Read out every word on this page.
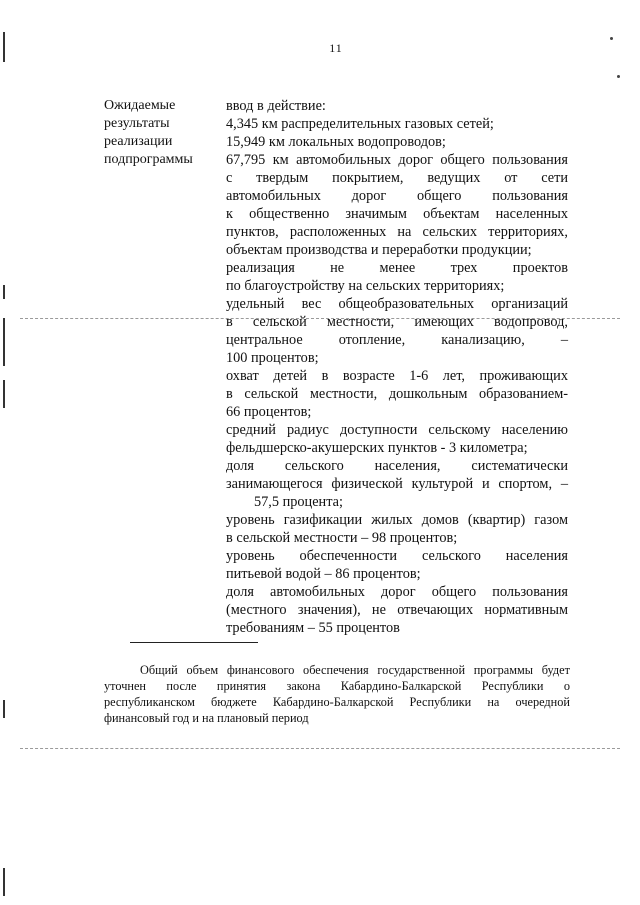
11
Ожидаемые
результаты
реализации
подпрограммы
ввод в действие:
4,345 км распределительных газовых сетей;
15,949 км локальных водопроводов;
67,795 км автомобильных дорог общего пользования
с твердым покрытием, ведущих от сети
автомобильных дорог общего пользования
к общественно значимым объектам населенных
пунктов, расположенных на сельских территориях,
объектам производства и переработки продукции;
реализация не менее трех проектов
по благоустройству на сельских территориях;
удельный вес общеобразовательных организаций
в сельской местности, имеющих водопровод,
центральное отопление, канализацию, –
100 процентов;
охват детей в возрасте 1-6 лет, проживающих
в сельской местности, дошкольным образованием-
66 процентов;
средний радиус доступности сельскому населению
фельдшерско-акушерских пунктов - 3 километра;
доля сельского населения, систематически
занимающегося физической культурой и спортом, –
57,5 процента;
уровень газификации жилых домов (квартир) газом
в сельской местности – 98 процентов;
уровень обеспеченности сельского населения
питьевой водой – 86 процентов;
доля автомобильных дорог общего пользования
(местного значения), не отвечающих нормативным
требованиям – 55 процентов
Общий объем финансового обеспечения государственной программы будет
уточнен после принятия закона Кабардино-Балкарской Республики о
республиканском бюджете Кабардино-Балкарской Республики на очередной
финансовый год и на плановый период
